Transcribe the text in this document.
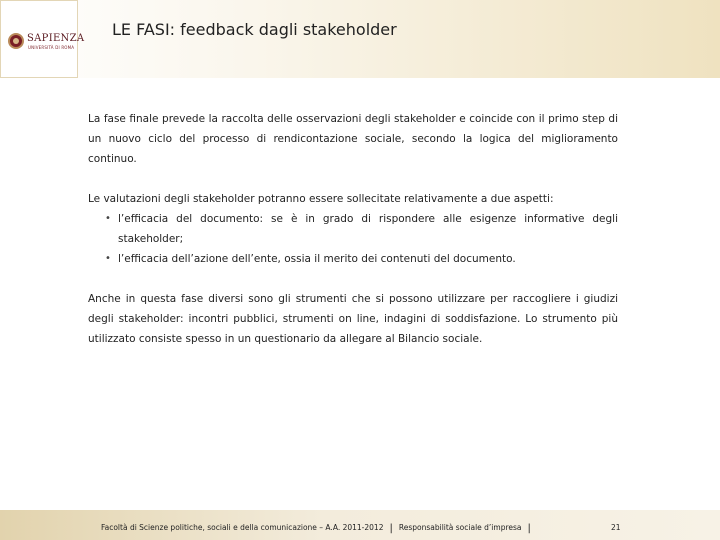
SAPIENZA
UNIVERSITÀ DI ROMA
LE FASI: feedback dagli stakeholder

La fase finale prevede la raccolta delle osservazioni degli stakeholder e coincide con il primo step di un nuovo ciclo del processo di rendicontazione sociale, secondo la logica del miglioramento continuo.

Le valutazioni degli stakeholder potranno essere sollecitate relativamente a due aspetti:

• l’efficacia del documento: se è in grado di rispondere alle esigenze informative degli stakeholder;
• l’efficacia dell’azione dell’ente, ossia il merito dei contenuti del documento.

Anche in questa fase diversi sono gli strumenti che si possono utilizzare per raccogliere i giudizi degli stakeholder: incontri pubblici, strumenti on line, indagini di soddisfazione. Lo strumento più utilizzato consiste spesso in un questionario da allegare al Bilancio sociale.

Facoltà di Scienze politiche, sociali e della comunicazione – A.A. 2011-2012 | Responsabilità sociale d’impresa |	21
